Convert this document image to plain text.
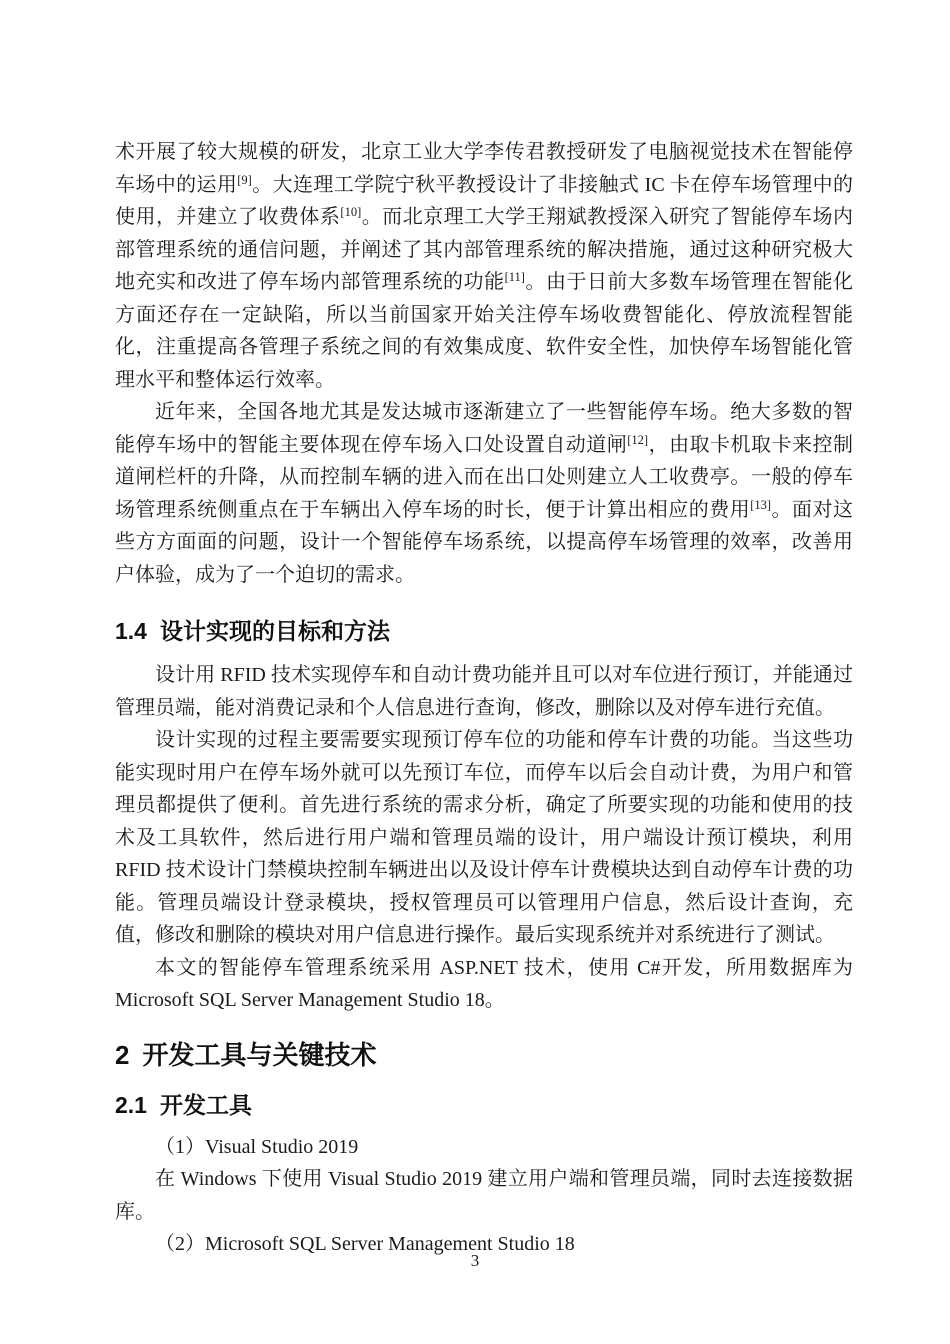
术开展了较大规模的研发，北京工业大学李传君教授研发了电脑视觉技术在智能停车场中的运用[9]。大连理工学院宁秋平教授设计了非接触式 IC 卡在停车场管理中的使用，并建立了收费体系[10]。而北京理工大学王翔斌教授深入研究了智能停车场内部管理系统的通信问题，并阐述了其内部管理系统的解决措施，通过这种研究极大地充实和改进了停车场内部管理系统的功能[11]。由于日前大多数车场管理在智能化方面还存在一定缺陷，所以当前国家开始关注停车场收费智能化、停放流程智能化，注重提高各管理子系统之间的有效集成度、软件安全性，加快停车场智能化管理水平和整体运行效率。

近年来，全国各地尤其是发达城市逐渐建立了一些智能停车场。绝大多数的智能停车场中的智能主要体现在停车场入口处设置自动道闸[12]，由取卡机取卡来控制道闸栏杆的升降，从而控制车辆的进入而在出口处则建立人工收费亭。一般的停车场管理系统侧重点在于车辆出入停车场的时长，便于计算出相应的费用[13]。面对这些方方面面的问题，设计一个智能停车场系统，以提高停车场管理的效率，改善用户体验，成为了一个迫切的需求。

1.4 设计实现的目标和方法

设计用 RFID 技术实现停车和自动计费功能并且可以对车位进行预订，并能通过管理员端，能对消费记录和个人信息进行查询，修改，删除以及对停车进行充值。

设计实现的过程主要需要实现预订停车位的功能和停车计费的功能。当这些功能实现时用户在停车场外就可以先预订车位，而停车以后会自动计费，为用户和管理员都提供了便利。首先进行系统的需求分析，确定了所要实现的功能和使用的技术及工具软件，然后进行用户端和管理员端的设计，用户端设计预订模块，利用 RFID 技术设计门禁模块控制车辆进出以及设计停车计费模块达到自动停车计费的功能。管理员端设计登录模块，授权管理员可以管理用户信息，然后设计查询，充值，修改和删除的模块对用户信息进行操作。最后实现系统并对系统进行了测试。

本文的智能停车管理系统采用 ASP.NET 技术，使用 C#开发，所用数据库为 Microsoft SQL Server Management Studio 18。

2 开发工具与关键技术
2.1 开发工具

（1）Visual Studio 2019

在 Windows 下使用 Visual Studio 2019 建立用户端和管理员端，同时去连接数据库。

（2）Microsoft SQL Server Management Studio 18

3
